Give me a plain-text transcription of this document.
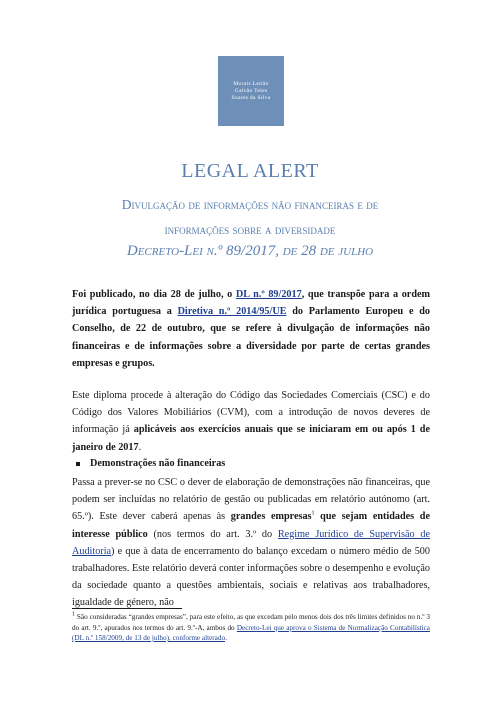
Morais Leitão
Galvão Teles
Soares da Silva
LEGAL ALERT
Divulgação de informações não financeiras e de
informações sobre a diversidade
Decreto-Lei n.º 89/2017, de 28 de julho

Foi publicado, no dia 28 de julho, o DL n.º 89/2017, que transpõe para a ordem jurídica portuguesa a Diretiva n.º 2014/95/UE do Parlamento Europeu e do Conselho, de 22 de outubro, que se refere à divulgação de informações não financeiras e de informações sobre a diversidade por parte de certas grandes empresas e grupos.

Este diploma procede à alteração do Código das Sociedades Comerciais (CSC) e do Código dos Valores Mobiliários (CVM), com a introdução de novos deveres de informação já aplicáveis aos exercícios anuais que se iniciaram em ou após 1 de janeiro de 2017.

Demonstrações não financeiras

Passa a prever-se no CSC o dever de elaboração de demonstrações não financeiras, que podem ser incluídas no relatório de gestão ou publicadas em relatório autónomo (art. 65.º). Este dever caberá apenas às grandes empresas$^1$ que sejam entidades de interesse público (nos termos do art. 3.º do Regime Jurídico de Supervisão de Auditoria) e que à data de encerramento do balanço excedam o número médio de 500 trabalhadores. Este relatório deverá conter informações sobre o desempenho e evolução da sociedade quanto a questões ambientais, sociais e relativas aos trabalhadores, igualdade de género, não

$^1$ São consideradas “grandes empresas”, para este efeito, as que excedam pelo menos dois dos três limites definidos no n.º 3 do art. 9.º, apurados nos termos do art. 9.º-A, ambos do Decreto-Lei que aprova o Sistema de Normalização Contabilística (DL n.º 158/2009, de 13 de julho), conforme alterado.
